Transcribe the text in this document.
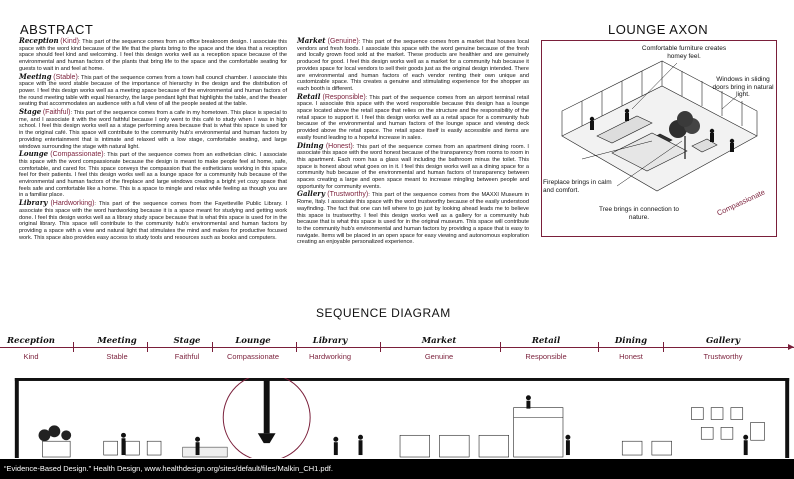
ABSTRACT
Reception (Kind): This part of the sequence comes from an office breakroom design. I associate this space with the word kind because of the life that the plants bring to the space and the idea that a reception space should feel kind and welcoming. I feel this design works well as a reception space because of the environmental and human factors of the plants that bring life to the space and the comfortable seating for guests to wait in and feel at home.
Meeting (Stable): This part of the sequence comes from a town hall council chamber. I associate this space with the word stable because of the importance of hierarchy in the design and the distribution of power. I feel this design works well as a meeting space because of the environmental and human factors of the round meeting table with equal hierarchy, the large pendant light that highlights the table, and the theater seating that accommodates an audience with a full view of all the people seated at the table.
Stage (Faithful): This part of the sequence comes from a cafe in my hometown. This place is special to me, and I associate it with the word faithful because I only went to this café to study when I was in high school. I feel this design works well as a stage performing area because that is what this space is used for in the original café. This space will contribute to the community hub's environmental and human factors by providing entertainment that is intimate and relaxed with a low stage, comfortable seating, and large windows surrounding the stage with natural light.
Lounge (Compassionate): This part of the sequence comes from an esthetician clinic. I associate this space with the word compassionate because the design is meant to make people feel at home, safe, comfortable, and cared for. This space conveys the compassion that the estheticians working in this space feel for their patients. I feel this design works well as a lounge space for a community hub because of the environmental and human factors of the fireplace and large windows creating a bright yet cozy space that feels safe and comfortable like a home. This is a space to mingle and relax while feeling as though you are in a familiar place.
Library (Hardworking): This part of the sequence comes from the Fayetteville Public Library. I associate this space with the word hardworking because it is a space meant for studying and getting work done. I feel this design works well as a library study space because that is what this space is used for in the original library. This space will contribute to the community hub's environmental and human factors by providing a space with a view and natural light that stimulates the mind and makes for productive focused work. This space also provides easy access to study tools and resources such as books and computers.
Market (Genuine): This part of the sequence comes from a market that houses local vendors and fresh foods. I associate this space with the word genuine because of the fresh and locally grown food sold at the market. These products are healthier and are genuinely produced for good. I feel this design works well as a market for a community hub because it provides space for local vendors to sell their goods just as the original design intended. There are environmental and human factors of each vendor renting their own unique and customizable space. This creates a genuine and stimulating experience for the shopper as each booth is different.
Retail (Responsible): This part of the sequence comes from an airport terminal retail space. I associate this space with the word responsible because this design has a lounge space located above the retail space that relies on the structure and the responsibility of the retail space to support it. I feel this design works well as a retail space for a community hub because of the environmental and human factors of the lounge space and viewing deck provided above the retail space. The retail space itself is easily accessible and items are easily found leading to a hopeful increase in sales.
Dining (Honest): This part of the sequence comes from an apartment dining room. I associate this space with the word honest because of the transparency from rooms to room in this apartment. Each room has a glass wall including the bathroom minus the toilet. This space is honest about what goes on in it. I feel this design works well as a dining space for a community hub because of the environmental and human factors of transparency between spaces creating a large and open space meant to increase mingling between people and opportunity for community events.
Gallery (Trustworthy): This part of the sequence comes from the MAXXI Museum in Rome, Italy. I associate this space with the word trustworthy because of the easily understood wayfinding. The fact that one can tell where to go just by looking ahead leads me to believe this space is trustworthy. I feel this design works well as a gallery for a community hub because that is what this space is used for in the original museum. This space will contribute to the community hub's environmental and human factors by providing a space that is easy to navigate. Items will be placed in an open space for easy viewing and autonomous exploration creating an enjoyable personalized experience.
LOUNGE AXON
Comfortable furniture creates homey feel.
Windows in sliding doors bring in natural light.
Fireplace brings in calm and comfort.
Tree brings in connection to nature.	Compassionate
SEQUENCE DIAGRAM
Reception
Kind
Meeting
Stable
Stage
Faithful
Lounge
Compassionate
Library
Hardworking
Market
Genuine
Retail
Responsible
Dining
Honest
Gallery
Trustworthy
“Evidence-Based Design.” Health Design, www.healthdesign.org/sites/default/files/Malkin_CH1.pdf.
